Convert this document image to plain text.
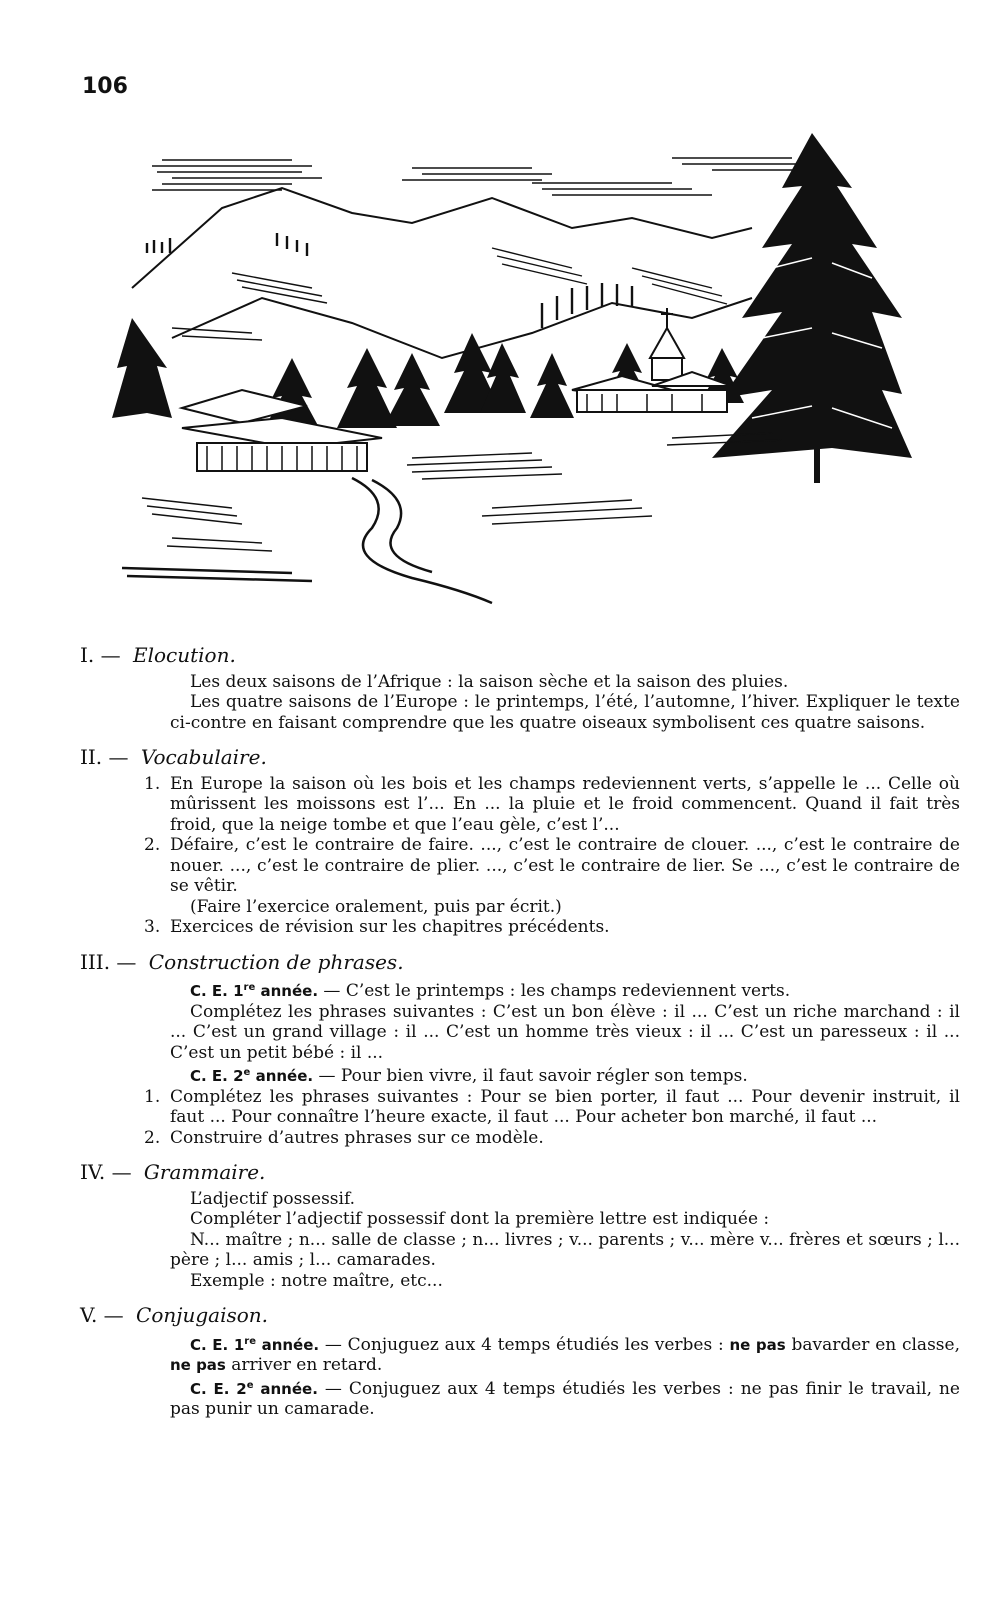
106
I. — Elocution.
Les deux saisons de l’Afrique : la saison sèche et la saison des pluies.
Les quatre saisons de l’Europe : le printemps, l’été, l’automne, l’hiver. Expliquer le texte ci-contre en faisant comprendre que les quatre oiseaux symbolisent ces quatre saisons.
II. — Vocabulaire.
1. En Europe la saison où les bois et les champs redeviennent verts, s’appelle le ... Celle où mûrissent les moissons est l’... En ... la pluie et le froid commencent. Quand il fait très froid, que la neige tombe et que l’eau gèle, c’est l’...
2. Défaire, c’est le contraire de faire. ..., c’est le contraire de clouer. ..., c’est le contraire de nouer. ..., c’est le contraire de plier. ..., c’est le contraire de lier. Se ..., c’est le contraire de se vêtir.
(Faire l’exercice oralement, puis par écrit.)
3. Exercices de révision sur les chapitres précédents.
III. — Construction de phrases.
C. E. 1re année. — C’est le printemps : les champs redeviennent verts.
Complétez les phrases suivantes : C’est un bon élève : il ... C’est un riche marchand : il ... C’est un grand village : il ... C’est un homme très vieux : il ... C’est un paresseux : il ... C’est un petit bébé : il ...
C. E. 2e année. — Pour bien vivre, il faut savoir régler son temps.
1. Complétez les phrases suivantes : Pour se bien porter, il faut ... Pour devenir instruit, il faut ... Pour connaître l’heure exacte, il faut ... Pour acheter bon marché, il faut ...
2. Construire d’autres phrases sur ce modèle.
IV. — Grammaire.
L’adjectif possessif.
Compléter l’adjectif possessif dont la première lettre est indiquée :
N... maître ; n... salle de classe ; n... livres ; v... parents ; v... mère v... frères et sœurs ; l... père ; l... amis ; l... camarades.
Exemple : notre maître, etc...
V. — Conjugaison.
C. E. 1re année. — Conjuguez aux 4 temps étudiés les verbes : ne pas bavarder en classe, ne pas arriver en retard.
C. E. 2e année. — Conjuguez aux 4 temps étudiés les verbes : ne pas finir le travail, ne pas punir un camarade.
